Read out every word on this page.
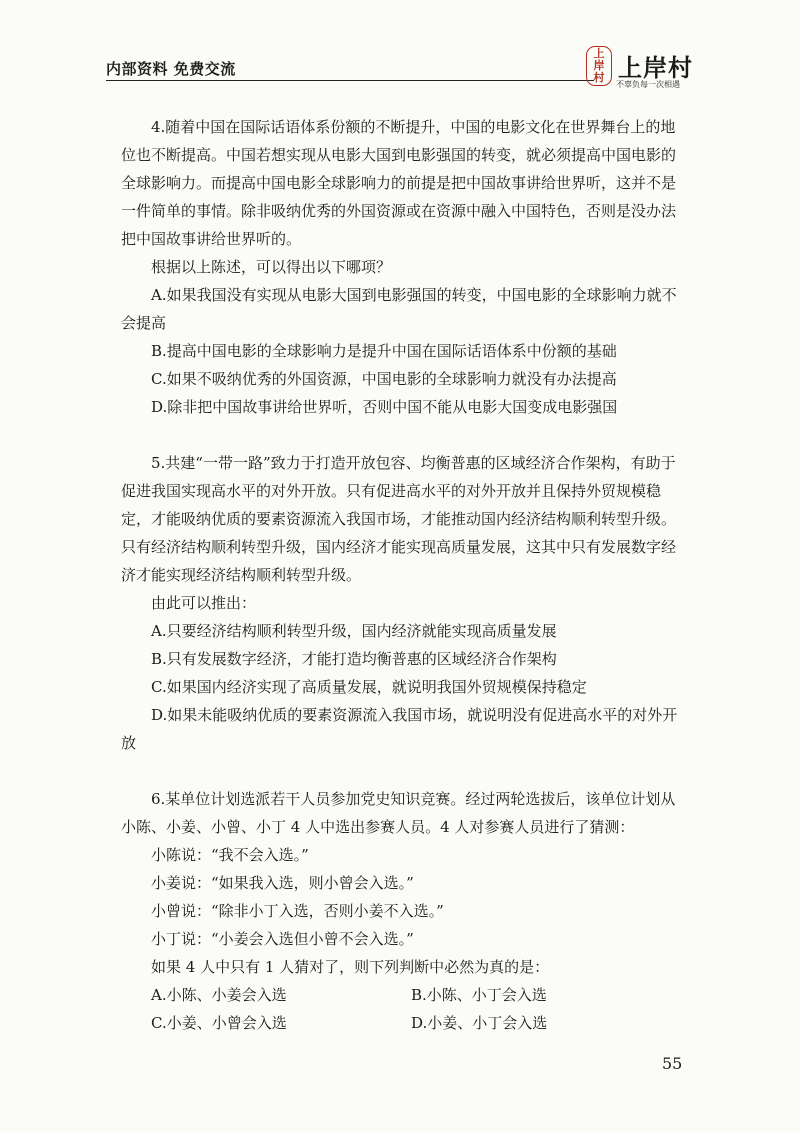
内部资料 免费交流
上
岸
村 上岸村
不辜负每一次相遇

4.随着中国在国际话语体系份额的不断提升，中国的电影文化在世界舞台上的地位也不断提高。中国若想实现从电影大国到电影强国的转变，就必须提高中国电影的全球影响力。而提高中国电影全球影响力的前提是把中国故事讲给世界听，这并不是一件简单的事情。除非吸纳优秀的外国资源或在资源中融入中国特色，否则是没办法把中国故事讲给世界听的。

根据以上陈述，可以得出以下哪项？

A.如果我国没有实现从电影大国到电影强国的转变，中国电影的全球影响力就不会提高

B.提高中国电影的全球影响力是提升中国在国际话语体系中份额的基础

C.如果不吸纳优秀的外国资源，中国电影的全球影响力就没有办法提高

D.除非把中国故事讲给世界听，否则中国不能从电影大国变成电影强国

5.共建“一带一路”致力于打造开放包容、均衡普惠的区域经济合作架构，有助于促进我国实现高水平的对外开放。只有促进高水平的对外开放并且保持外贸规模稳定，才能吸纳优质的要素资源流入我国市场，才能推动国内经济结构顺利转型升级。只有经济结构顺利转型升级，国内经济才能实现高质量发展，这其中只有发展数字经济才能实现经济结构顺利转型升级。

由此可以推出：

A.只要经济结构顺利转型升级，国内经济就能实现高质量发展

B.只有发展数字经济，才能打造均衡普惠的区域经济合作架构

C.如果国内经济实现了高质量发展，就说明我国外贸规模保持稳定

D.如果未能吸纳优质的要素资源流入我国市场，就说明没有促进高水平的对外开放

6.某单位计划选派若干人员参加党史知识竞赛。经过两轮选拔后，该单位计划从小陈、小姜、小曾、小丁 4 人中选出参赛人员。4 人对参赛人员进行了猜测：

小陈说：“我不会入选。”

小姜说：“如果我入选，则小曾会入选。”

小曾说：“除非小丁入选，否则小姜不入选。”

小丁说：“小姜会入选但小曾不会入选。”

如果 4 人中只有 1 人猜对了，则下列判断中必然为真的是：

A.小陈、小姜会入选	B.小陈、小丁会入选
C.小姜、小曾会入选	D.小姜、小丁会入选
55
